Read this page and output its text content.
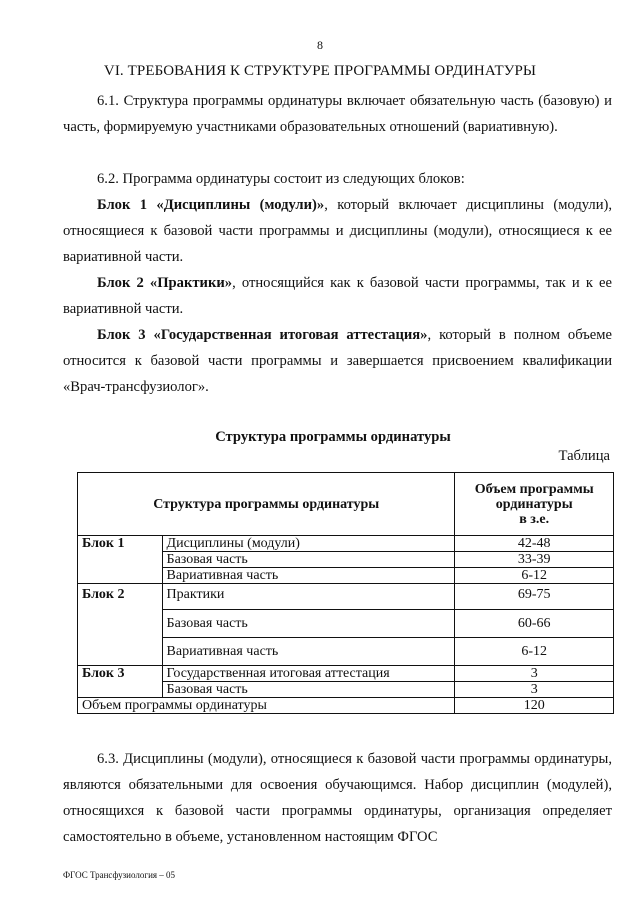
8
VI. ТРЕБОВАНИЯ К СТРУКТУРЕ ПРОГРАММЫ ОРДИНАТУРЫ

6.1. Структура программы ординатуры включает обязательную часть (базовую) и часть, формируемую участниками образовательных отношений (вариативную).

6.2. Программа ординатуры состоит из следующих блоков:

Блок 1 «Дисциплины (модули)», который включает дисциплины (модули), относящиеся к базовой части программы и дисциплины (модули), относящиеся к ее вариативной части.

Блок 2 «Практики», относящийся как к базовой части программы, так и к ее вариативной части.

Блок 3 «Государственная итоговая аттестация», который в полном объеме относится к базовой части программы и завершается присвоением квалификации «Врач-трансфузиолог».

Структура программы ординатуры
Таблица
Структура программы ординатуры		Объем программы
ординатуры
в з.е.
Блок 1	Дисциплины (модули)	42-48
	Базовая часть	33-39
	Вариативная часть	6-12
Блок 2	Практики	69-75
	Базовая часть	60-66
	Вариативная часть	6-12
Блок 3	Государственная итоговая аттестация	3
	Базовая часть	3
Объем программы ординатуры		120

6.3. Дисциплины (модули), относящиеся к базовой части программы ординатуры, являются обязательными для освоения обучающимся. Набор дисциплин (модулей), относящихся к базовой части программы ординатуры, организация определяет самостоятельно в объеме, установленном настоящим ФГОС

ФГОС Трансфузиология – 05
